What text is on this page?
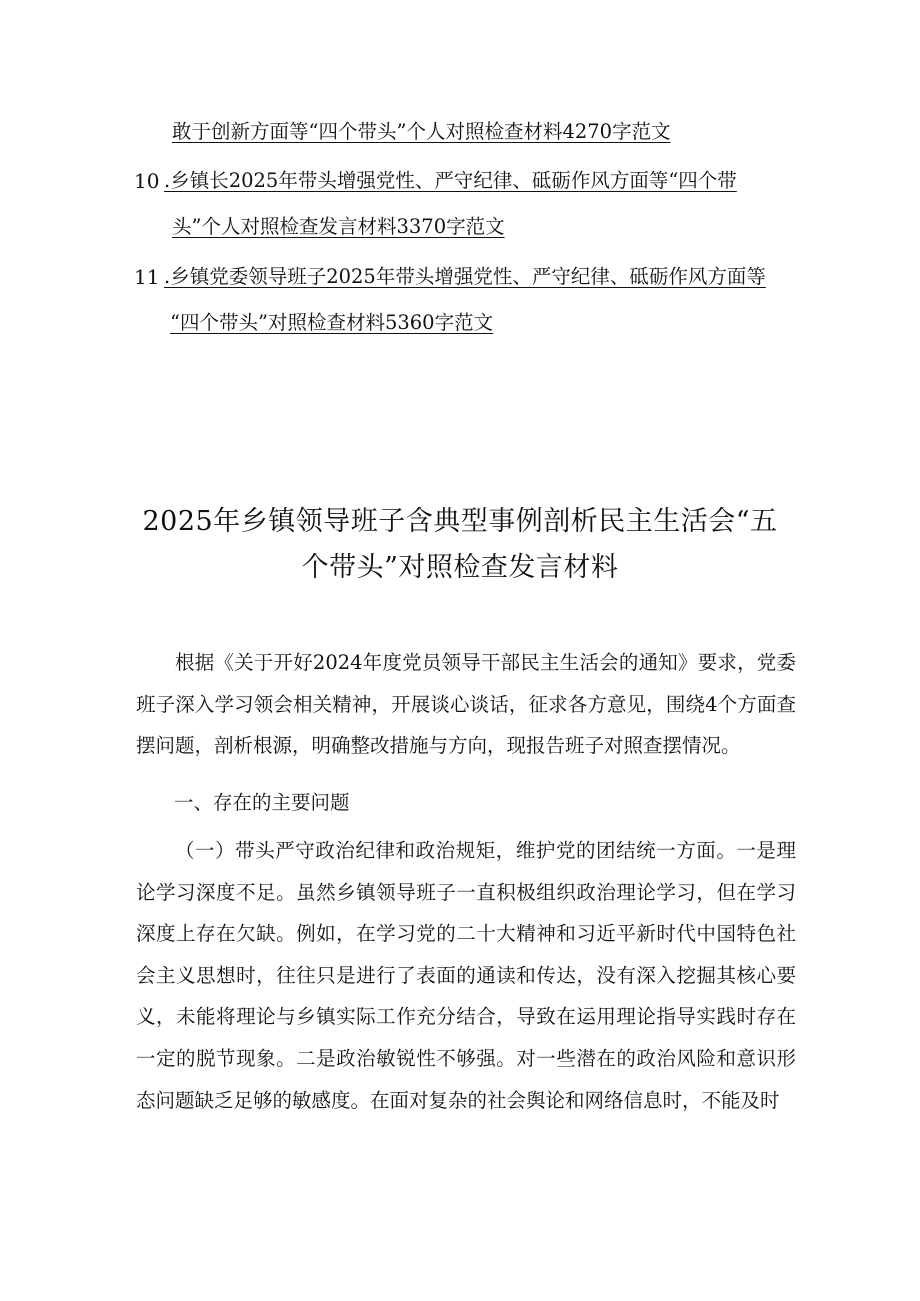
敢于创新方面等“四个带头”个人对照检查材料4270字范文
10 .乡镇长2025年带头增强党性、严守纪律、砥砺作风方面等“四个带
头”个人对照检查发言材料3370字范文
11 .乡镇党委领导班子2025年带头增强党性、严守纪律、砥砺作风方面等
“四个带头”对照检查材料5360字范文
2025年乡镇领导班子含典型事例剖析民主生活会“五
个带头”对照检查发言材料

根据《关于开好2024年度党员领导干部民主生活会的通知》要求，党委班子深入学习领会相关精神，开展谈心谈话，征求各方意见，围绕4个方面查摆问题，剖析根源，明确整改措施与方向，现报告班子对照查摆情况。

一、存在的主要问题

（一）带头严守政治纪律和政治规矩，维护党的团结统一方面。一是理论学习深度不足。虽然乡镇领导班子一直积极组织政治理论学习，但在学习深度上存在欠缺。例如，在学习党的二十大精神和习近平新时代中国特色社会主义思想时，往往只是进行了表面的通读和传达，没有深入挖掘其核心要义，未能将理论与乡镇实际工作充分结合，导致在运用理论指导实践时存在一定的脱节现象。二是政治敏锐性不够强。对一些潜在的政治风险和意识形态问题缺乏足够的敏感度。在面对复杂的社会舆论和网络信息时，不能及时
